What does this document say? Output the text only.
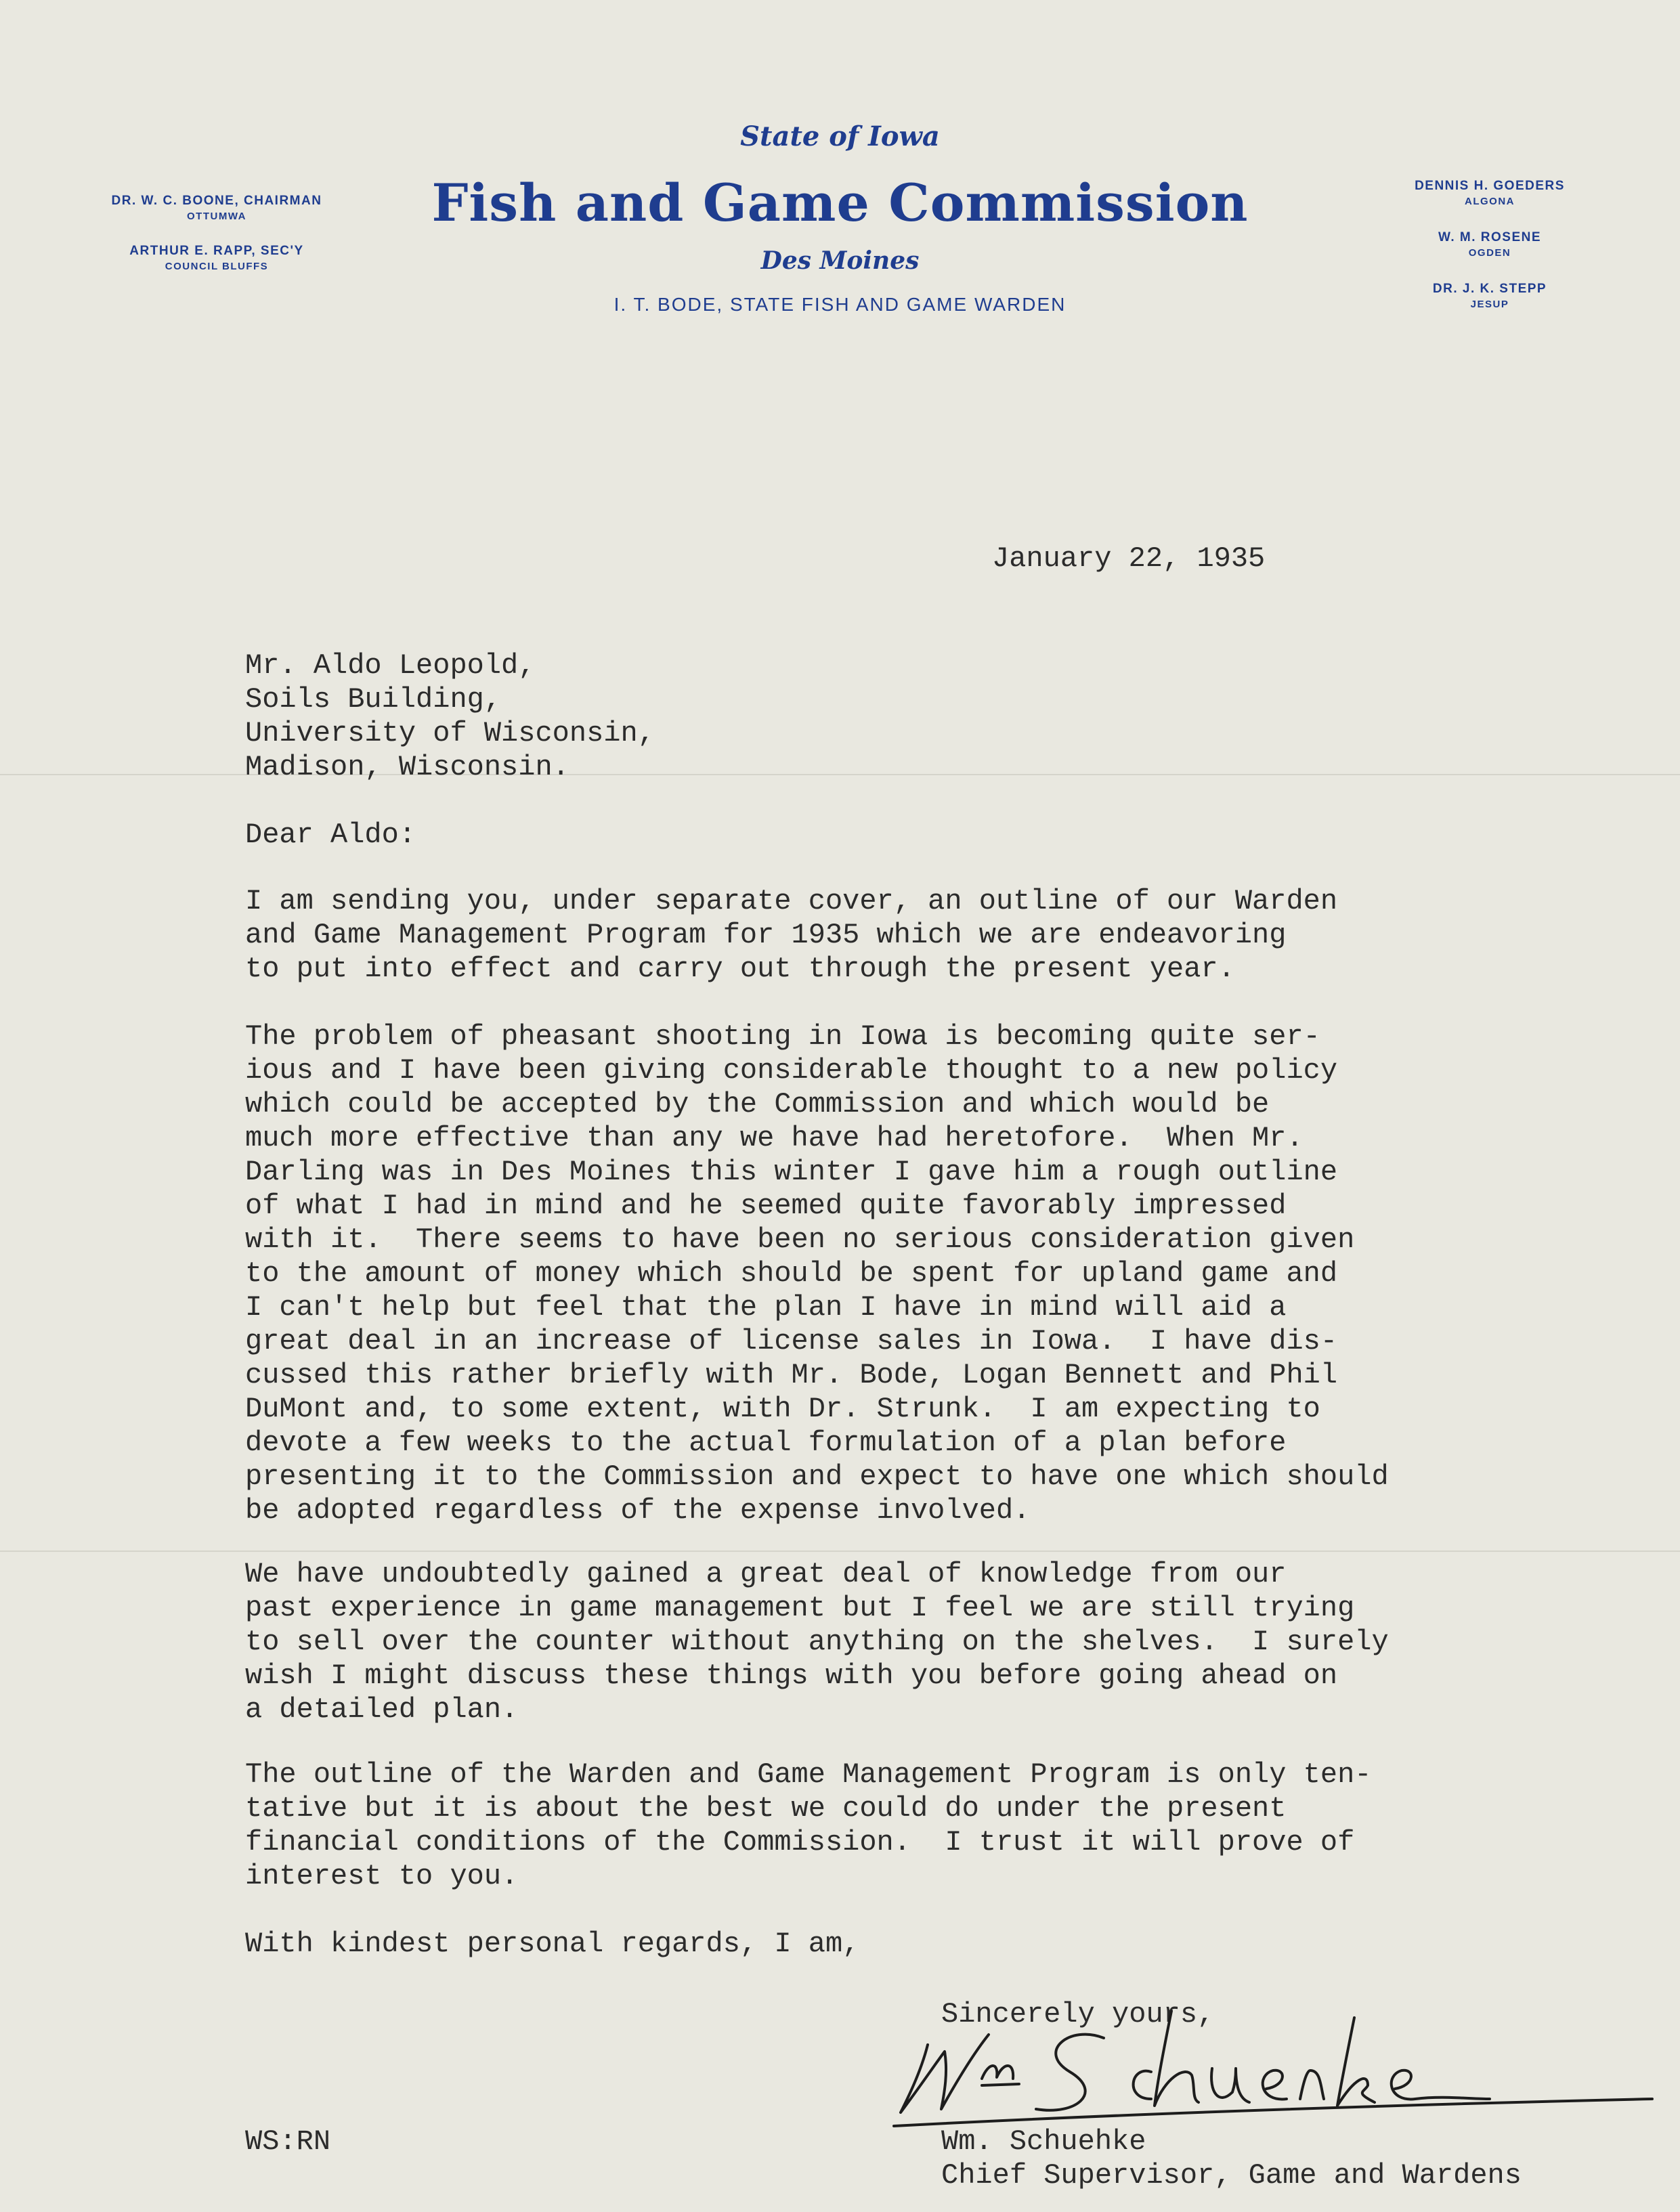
State of Iowa
Fish and Game Commission
Des Moines
I. T. BODE, STATE FISH AND GAME WARDEN
DR. W. C. BOONE, CHAIRMAN
OTTUMWA
ARTHUR E. RAPP, SEC'Y
COUNCIL BLUFFS
DENNIS H. GOEDERS
ALGONA
W. M. ROSENE
OGDEN
DR. J. K. STEPP
JESUP
January 22, 1935
Mr. Aldo Leopold,
Soils Building,
University of Wisconsin,
Madison, Wisconsin.
Dear Aldo:
I am sending you, under separate cover, an outline of our Warden
and Game Management Program for 1935 which we are endeavoring
to put into effect and carry out through the present year.
The problem of pheasant shooting in Iowa is becoming quite ser-
ious and I have been giving considerable thought to a new policy
which could be accepted by the Commission and which would be
much more effective than any we have had heretofore.  When Mr.
Darling was in Des Moines this winter I gave him a rough outline
of what I had in mind and he seemed quite favorably impressed
with it.  There seems to have been no serious consideration given
to the amount of money which should be spent for upland game and
I can't help but feel that the plan I have in mind will aid a
great deal in an increase of license sales in Iowa.  I have dis-
cussed this rather briefly with Mr. Bode, Logan Bennett and Phil
DuMont and, to some extent, with Dr. Strunk.  I am expecting to
devote a few weeks to the actual formulation of a plan before
presenting it to the Commission and expect to have one which should
be adopted regardless of the expense involved.
We have undoubtedly gained a great deal of knowledge from our
past experience in game management but I feel we are still trying
to sell over the counter without anything on the shelves.  I surely
wish I might discuss these things with you before going ahead on
a detailed plan.
The outline of the Warden and Game Management Program is only ten-
tative but it is about the best we could do under the present
financial conditions of the Commission.  I trust it will prove of
interest to you.
With kindest personal regards, I am,
Sincerely yours,
WS:RN	Wm. Schuehke
Chief Supervisor, Game and Wardens
